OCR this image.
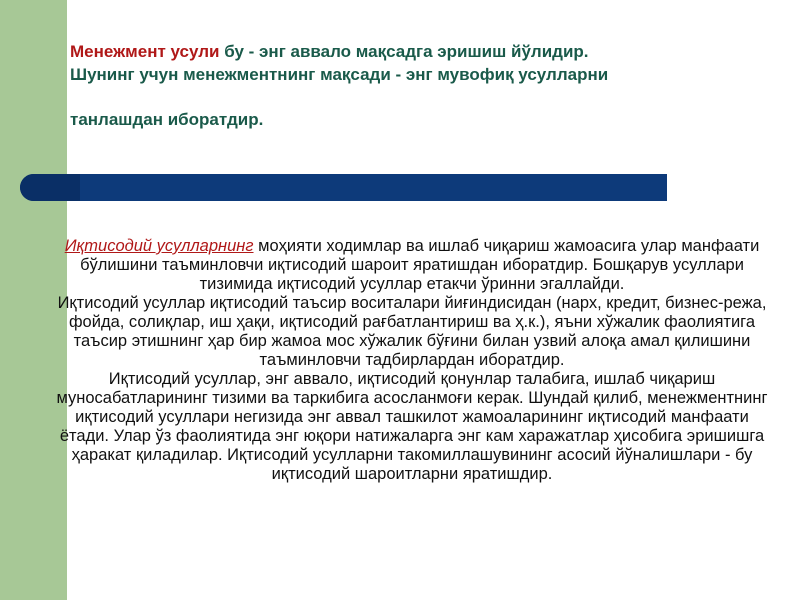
Менежмент усули бу - энг аввало мақсадга эришиш йўлидир.
Шунинг учун менежментнинг мақсади - энг мувофиқ усулларни
танлашдан иборатдир.

Иқтисодий усулларнинг моҳияти ходимлар ва ишлаб чиқариш жамоасига улар манфаати бўлишини таъминловчи иқтисодий шароит яратишдан иборатдир. Бошқарув усуллари тизимида иқтисодий усуллар етакчи ўринни эгаллайди.

Иқтисодий усуллар иқтисодий таъсир воситалари йиғиндисидан (нарх, кредит, бизнес-режа, фойда, солиқлар, иш ҳақи, иқтисодий рағбатлантириш ва ҳ.к.), яъни хўжалик фаолиятига таъсир этишнинг ҳар бир жамоа мос хўжалик бўғини билан узвий алоқа амал қилишини таъминловчи тадбирлардан иборатдир.

Иқтисодий усуллар, энг аввало, иқтисодий қонунлар талабига, ишлаб чиқариш муносабатларининг тизими ва таркибига асосланмоғи керак. Шундай қилиб, менежментнинг иқтисодий усуллари негизида энг аввал ташкилот жамоаларининг иқтисодий манфаати ётади. Улар ўз фаолиятида энг юқори натижаларга энг кам харажатлар ҳисобига эришишга ҳаракат қиладилар. Иқтисодий усулларни такомиллашувининг асосий йўналишлари - бу иқтисодий шароитларни яратишдир.
